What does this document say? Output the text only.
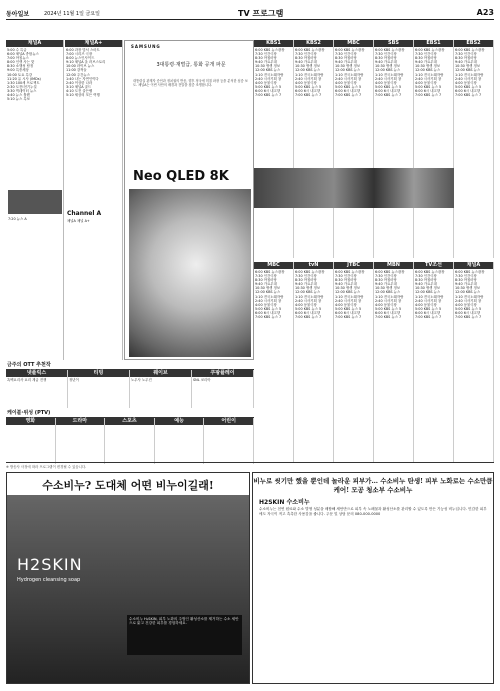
동아일보	2024년 11월 1일 금요일	TV 프로그램	A23
채널A
5:00 수 특급
6:00 채널A 종합뉴스
7:00 아침뉴스
8:00 인생 사는 맛
8:30 소행성 탐정
9:00 특종세상
10:00 토요 특강
11:20 유 시사 (IMDs)
1:30 100세 프로젝트
2:30 도전!천기누설
3:30 빅데이터 뉴스
4:40 뉴스 톱텐
5:10 뉴스 특보
7:20 뉴스 A
채널A+
6:00 과장 맞서 스마트
7:00 시리즈 극장
8:00 뉴스인사이드
9:10 채널A 올 러브스토리
10:00 라이브 뉴스
11:00 강적들
12:00 주간뉴스
1:40 나는 자연인이다
2:40 이상한 나라
3:10 채널A 골드
4:10 도전 골든벨
5:10 세상의 모든 여행
Channel A
채널A 채널 A+
SAMSUNG
3대통령·재벌급, 통화 공개 파문
대통령실 관계자 증언과 정치권의 반응, 향후 정국에 미칠 파장 등을 분석한 심층 보도. 채널A는 이번 사안의 배경과 전말을 집중 조명합니다.
Neo QLED 8K
KBS1
6:00 KBS 뉴스광장
7:30 인간극장
8:30 아침마당
9:40 가요무대
10:30 생생 정보
12:00 KBS 뉴스
1:10 전국노래자랑
2:40 시사기획 창
4:00 동물극장
5:00 KBS 뉴스 5
6:00 6시 내고향
7:00 KBS 뉴스 7
KBS2
6:00 KBS 뉴스광장
7:30 인간극장
8:30 아침마당
9:40 가요무대
10:30 생생 정보
12:00 KBS 뉴스
1:10 전국노래자랑
2:40 시사기획 창
4:00 동물극장
5:00 KBS 뉴스 5
6:00 6시 내고향
7:00 KBS 뉴스 7
MBC
6:00 KBS 뉴스광장
7:30 인간극장
8:30 아침마당
9:40 가요무대
10:30 생생 정보
12:00 KBS 뉴스
1:10 전국노래자랑
2:40 시사기획 창
4:00 동물극장
5:00 KBS 뉴스 5
6:00 6시 내고향
7:00 KBS 뉴스 7
SBS
6:00 KBS 뉴스광장
7:30 인간극장
8:30 아침마당
9:40 가요무대
10:30 생생 정보
12:00 KBS 뉴스
1:10 전국노래자랑
2:40 시사기획 창
4:00 동물극장
5:00 KBS 뉴스 5
6:00 6시 내고향
7:00 KBS 뉴스 7
EBS1
6:00 KBS 뉴스광장
7:30 인간극장
8:30 아침마당
9:40 가요무대
10:30 생생 정보
12:00 KBS 뉴스
1:10 전국노래자랑
2:40 시사기획 창
4:00 동물극장
5:00 KBS 뉴스 5
6:00 6시 내고향
7:00 KBS 뉴스 7
EBS2
6:00 KBS 뉴스광장
7:30 인간극장
8:30 아침마당
9:40 가요무대
10:30 생생 정보
12:00 KBS 뉴스
1:10 전국노래자랑
2:40 시사기획 창
4:00 동물극장
5:00 KBS 뉴스 5
6:00 6시 내고향
7:00 KBS 뉴스 7
MBC
6:00 KBS 뉴스광장
7:30 인간극장
8:30 아침마당
9:40 가요무대
10:30 생생 정보
12:00 KBS 뉴스
1:10 전국노래자랑
2:40 시사기획 창
4:00 동물극장
5:00 KBS 뉴스 5
6:00 6시 내고향
7:00 KBS 뉴스 7
tvN
6:00 KBS 뉴스광장
7:30 인간극장
8:30 아침마당
9:40 가요무대
10:30 생생 정보
12:00 KBS 뉴스
1:10 전국노래자랑
2:40 시사기획 창
4:00 동물극장
5:00 KBS 뉴스 5
6:00 6시 내고향
7:00 KBS 뉴스 7
JTBC
6:00 KBS 뉴스광장
7:30 인간극장
8:30 아침마당
9:40 가요무대
10:30 생생 정보
12:00 KBS 뉴스
1:10 전국노래자랑
2:40 시사기획 창
4:00 동물극장
5:00 KBS 뉴스 5
6:00 6시 내고향
7:00 KBS 뉴스 7
MBN
6:00 KBS 뉴스광장
7:30 인간극장
8:30 아침마당
9:40 가요무대
10:30 생생 정보
12:00 KBS 뉴스
1:10 전국노래자랑
2:40 시사기획 창
4:00 동물극장
5:00 KBS 뉴스 5
6:00 6시 내고향
7:00 KBS 뉴스 7
TV조선
6:00 KBS 뉴스광장
7:30 인간극장
8:30 아침마당
9:40 가요무대
10:30 생생 정보
12:00 KBS 뉴스
1:10 전국노래자랑
2:40 시사기획 창
4:00 동물극장
5:00 KBS 뉴스 5
6:00 6시 내고향
7:00 KBS 뉴스 7
채널A
6:00 KBS 뉴스광장
7:30 인간극장
8:30 아침마당
9:40 가요무대
10:30 생생 정보
12:00 KBS 뉴스
1:10 전국노래자랑
2:40 시사기획 창
4:00 동물극장
5:00 KBS 뉴스 5
6:00 6시 내고향
7:00 KBS 뉴스 7
금주의 OTT 추천작
넷플릭스
흑백요리사 요리 계급 전쟁
티빙
정년이
웨이브
노무사 노무진
쿠팡플레이
SNL 코리아
케이블·위성 (PTV)
영화	드라마	스포츠	예능	어린이
※ 방송사 사정에 따라 프로그램이 변경될 수 있습니다.
수소비누? 도대체 어떤 비누이길래!
H2SKIN
Hydrogen cleansing soap
수소비누 H₂SKIN, 피부 노화의 주범인 활성산소를 제거하는 수소 세안으로 맑고 건강한 피부를 경험하세요.
비누로 씻기만 했을 뿐인데 놀라운 피부가… 수소비누 탄생! 피부 노화로는 수소만큼 케어! 모공 청소부 수소비누
H2SKIN 수소비누
수소비누는 천연 원료와 수소 발생 성분을 배합해 세안만으로 피부 속 노폐물과 활성산소를 관리할 수 있도록 만든 기능성 비누입니다. 민감한 피부에도 자극이 적고 촉촉한 사용감을 줍니다. 주문 및 상담 문의 080-000-0000
